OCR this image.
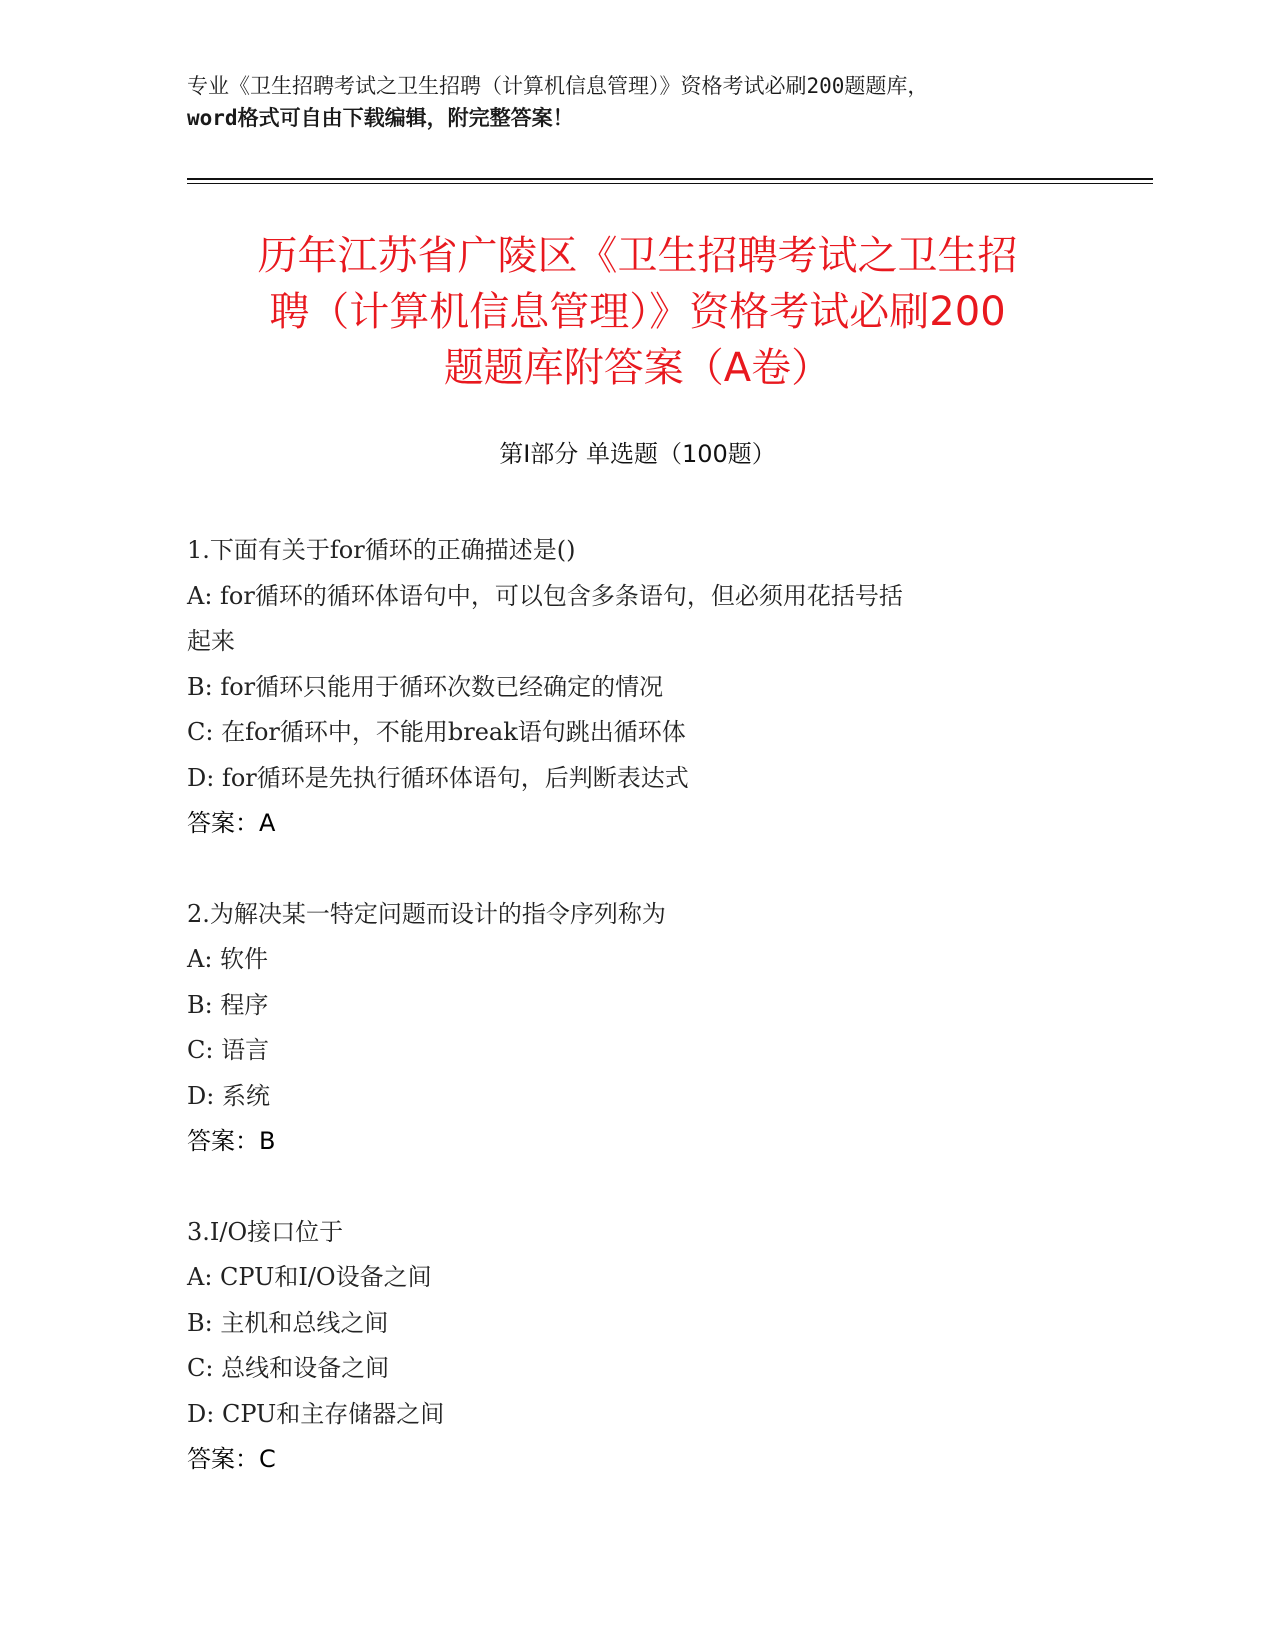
专业《卫生招聘考试之卫生招聘（计算机信息管理）》资格考试必刷200题题库，
word格式可自由下载编辑，附完整答案！
历年江苏省广陵区《卫生招聘考试之卫生招
聘（计算机信息管理）》资格考试必刷200
题题库附答案（A卷）
第Ⅰ部分 单选题（100题）
1.下面有关于for循环的正确描述是()
A: for循环的循环体语句中，可以包含多条语句，但必须用花括号括
起来
B: for循环只能用于循环次数已经确定的情况
C: 在for循环中，不能用break语句跳出循环体
D: for循环是先执行循环体语句，后判断表达式
答案：A
2.为解决某一特定问题而设计的指令序列称为
A: 软件
B: 程序
C: 语言
D: 系统
答案：B
3.I/O接口位于
A: CPU和I/O设备之间
B: 主机和总线之间
C: 总线和设备之间
D: CPU和主存储器之间
答案：C
